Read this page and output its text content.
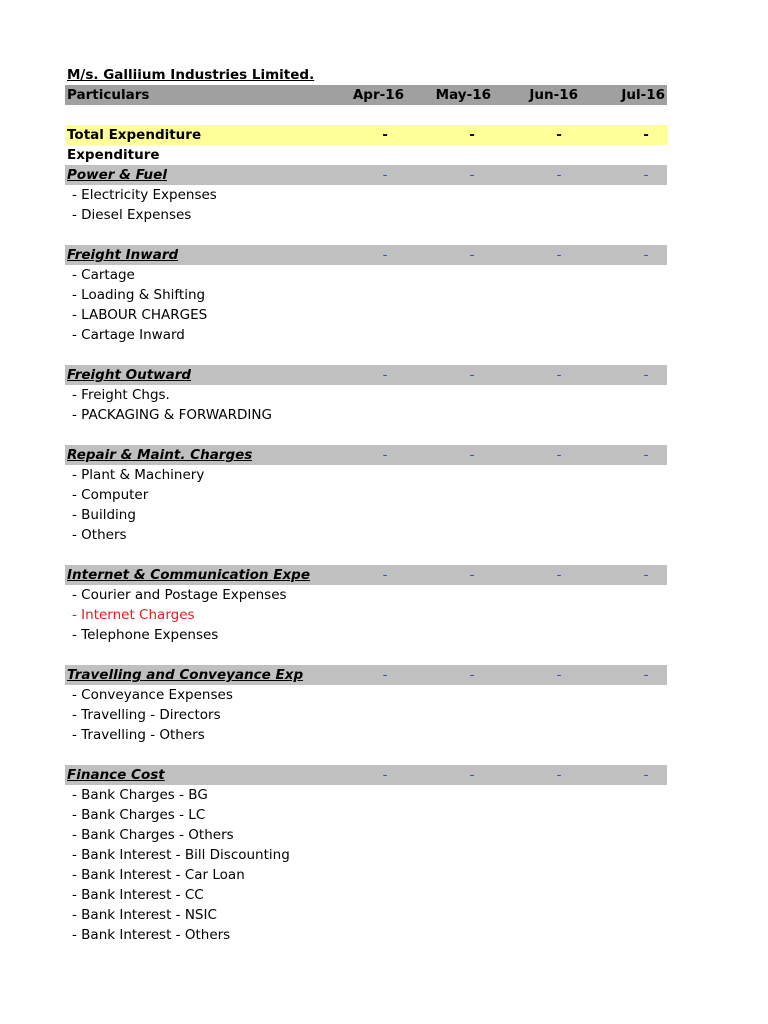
M/s. Galliium Industries Limited.
Particulars	Apr-16	May-16	Jun-16	Jul-16
Total Expenditure	-	-	-	-
Expenditure
Power & Fuel	-	-	-	-
- Electricity Expenses
- Diesel Expenses
Freight Inward	-	-	-	-
- Cartage
- Loading & Shifting
- LABOUR CHARGES
- Cartage Inward
Freight Outward	-	-	-	-
- Freight Chgs.
- PACKAGING & FORWARDING
Repair & Maint. Charges	-	-	-	-
- Plant & Machinery
- Computer
- Building
- Others
Internet & Communication Expe	-	-	-	-
- Courier and Postage Expenses
- Internet Charges
- Telephone Expenses
Travelling and Conveyance Exp	-	-	-	-
- Conveyance Expenses
- Travelling - Directors
- Travelling - Others
Finance Cost	-	-	-	-
- Bank Charges - BG
- Bank Charges - LC
- Bank Charges - Others
- Bank Interest - Bill Discounting
- Bank Interest - Car Loan
- Bank Interest - CC
- Bank Interest - NSIC
- Bank Interest - Others
